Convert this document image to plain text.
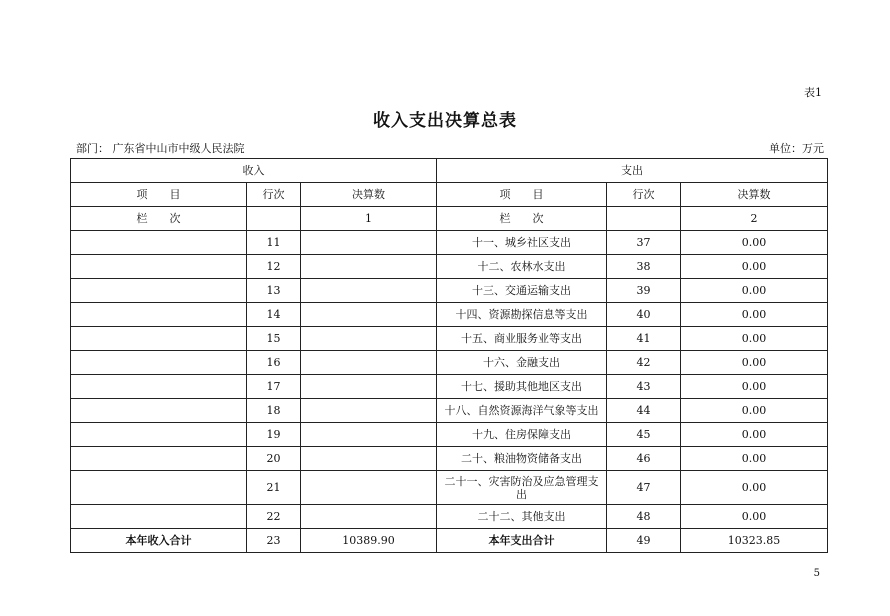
表1
收入支出决算总表
部门： 广东省中山市中级人民法院	单位：万元
收入			支出		
项　　目	行次	决算数	项　　目	行次	决算数
栏　　次		1	栏　　次		2
	11		十一、城乡社区支出	37	0.00
	12		十二、农林水支出	38	0.00
	13		十三、交通运输支出	39	0.00
	14		十四、资源勘探信息等支出	40	0.00
	15		十五、商业服务业等支出	41	0.00
	16		十六、金融支出	42	0.00
	17		十七、援助其他地区支出	43	0.00
	18		十八、自然资源海洋气象等支出	44	0.00
	19		十九、住房保障支出	45	0.00
	20		二十、粮油物资储备支出	46	0.00
	21		二十一、灾害防治及应急管理支出	47	0.00
	22		二十二、其他支出	48	0.00
本年收入合计	23	10389.90	本年支出合计	49	10323.85
5
